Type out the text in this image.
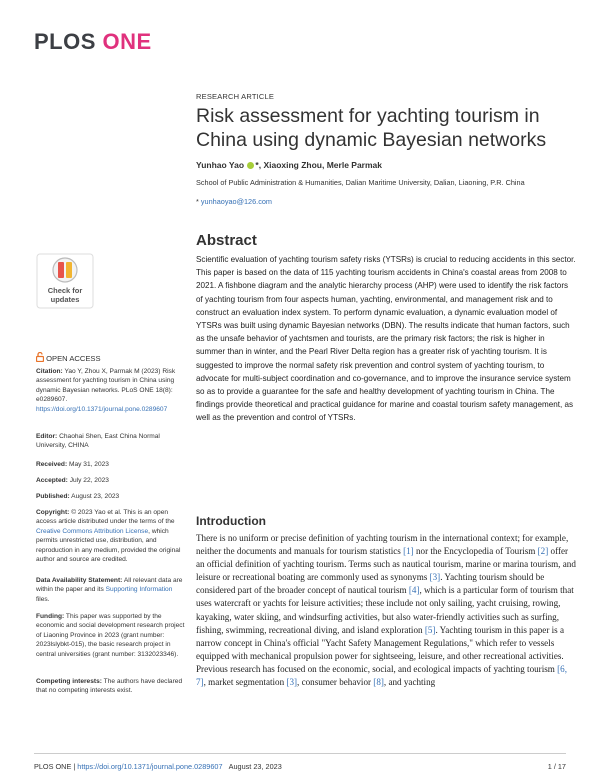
PLOS ONE
RESEARCH ARTICLE
Risk assessment for yachting tourism in China using dynamic Bayesian networks
Yunhao Yao *, Xiaoxing Zhou, Merle Parmak
School of Public Administration & Humanities, Dalian Maritime University, Dalian, Liaoning, P.R. China
* yunhaoyao@126.com
Abstract

Scientific evaluation of yachting tourism safety risks (YTSRs) is crucial to reducing accidents in this sector. This paper is based on the data of 115 yachting tourism accidents in China's coastal areas from 2008 to 2021. A fishbone diagram and the analytic hierarchy process (AHP) were used to identify the risk factors of yachting tourism from four aspects human, yachting, environmental, and management risk and to construct an evaluation index system. To perform dynamic evaluation, a dynamic evaluation model of YTSRs was built using dynamic Bayesian networks (DBN). The results indicate that human factors, such as the unsafe behavior of yachtsmen and tourists, are the primary risk factors; the risk is higher in summer than in winter, and the Pearl River Delta region has a greater risk of yachting tourism. It is suggested to improve the normal safety risk prevention and control system of yachting tourism, to advocate for multi-subject coordination and co-governance, and to improve the insurance service system so as to provide a guarantee for the safe and healthy development of yachting tourism in China. The findings provide theoretical and practical guidance for marine and coastal tourism safety management, as well as the prevention and control of YTSRs.

Check for updates
OPEN ACCESS
Citation: Yao Y, Zhou X, Parmak M (2023) Risk assessment for yachting tourism in China using dynamic Bayesian networks. PLoS ONE 18(8): e0289607. https://doi.org/10.1371/journal.pone.0289607
Editor: Chaohai Shen, East China Normal University, CHINA
Received: May 31, 2023
Accepted: July 22, 2023
Published: August 23, 2023
Copyright: © 2023 Yao et al. This is an open access article distributed under the terms of the Creative Commons Attribution License, which permits unrestricted use, distribution, and reproduction in any medium, provided the original author and source are credited.
Data Availability Statement: All relevant data are within the paper and its Supporting Information files.
Funding: This paper was supported by the economic and social development research project of Liaoning Province in 2023 (grant number: 2023lslybkt-015), the basic research project in central universities (grant number: 3132023346).
Competing interests: The authors have declared that no competing interests exist.
Introduction

There is no uniform or precise definition of yachting tourism in the international context; for example, neither the documents and manuals for tourism statistics [1] nor the Encyclopedia of Tourism [2] offer an official definition of yachting tourism. Terms such as nautical tourism, marine or marina tourism, and leisure or recreational boating are commonly used as synonyms [3]. Yachting tourism should be considered part of the broader concept of nautical tourism [4], which is a particular form of tourism that uses watercraft or yachts for leisure activities; these include not only sailing, yacht cruising, rowing, kayaking, water skiing, and windsurfing activities, but also water-friendly activities such as surfing, fishing, swimming, recreational diving, and island exploration [5]. Yachting tourism in this paper is a narrow concept in China's official "Yacht Safety Management Regulations," which refer to vessels equipped with mechanical propulsion power for sightseeing, leisure, and other recreational activities. Previous research has focused on the economic, social, and ecological impacts of yachting tourism [6, 7], market segmentation [3], consumer behavior [8], and yachting

PLOS ONE | https://doi.org/10.1371/journal.pone.0289607 August 23, 2023	1 / 17
